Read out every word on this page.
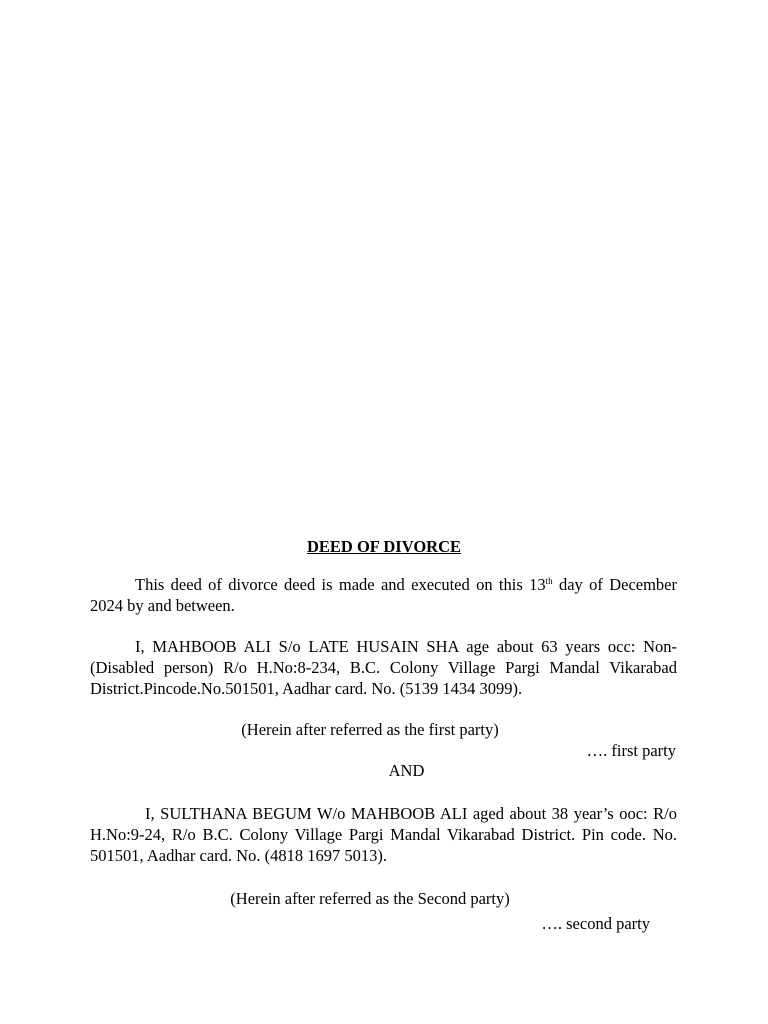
DEED OF DIVORCE

This deed of divorce deed is made and executed on this 13th day of December 2024 by and between.

I, MAHBOOB ALI S/o LATE HUSAIN SHA age about 63 years occ: Non-(Disabled person) R/o H.No:8-234, B.C. Colony Village Pargi Mandal Vikarabad District.Pincode.No.501501, Aadhar card. No. (5139 1434 3099).

(Herein after referred as the first party)
…. first party
AND

I, SULTHANA BEGUM W/o MAHBOOB ALI aged about 38 year’s ooc: R/o H.No:9-24, R/o B.C. Colony Village Pargi Mandal Vikarabad District. Pin code. No. 501501, Aadhar card. No. (4818 1697 5013).

(Herein after referred as the Second party)
…. second party
